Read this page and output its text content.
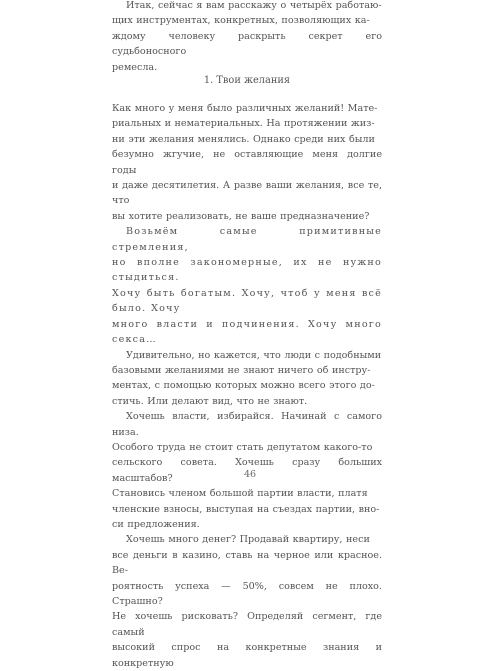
Итак, сейчас я вам расскажу о четырёх работаю-
щих инструментах, конкретных, позволяющих ка-
ждому человеку раскрыть секрет его судьбоносного
ремесла.

1. Твои желания

Как много у меня было различных желаний! Мате-
риальных и нематериальных. На протяжении жиз-
ни эти желания менялись. Однако среди них были
безумно жгучие, не оставляющие меня долгие годы
и даже десятилетия. А разве ваши желания, все те, что
вы хотите реализовать, не ваше предназначение?

Возьмём самые примитивные стремления,
но вполне закономерные, их не нужно стыдиться.
Хочу быть богатым. Хочу, чтоб у меня всё было. Хочу
много власти и подчинения. Хочу много секса…

Удивительно, но кажется, что люди с подобными
базовыми желаниями не знают ничего об инстру-
ментах, с помощью которых можно всего этого до-
стичь. Или делают вид, что не знают.

Хочешь власти, избирайся. Начинай с самого низа.
Особого труда не стоит стать депутатом какого-то
сельского совета. Хочешь сразу больших масштабов?
Становись членом большой партии власти, платя
членские взносы, выступая на съездах партии, вно-
си предложения.

Хочешь много денег? Продавай квартиру, неси
все деньги в казино, ставь на черное или красное. Ве-
роятность успеха — 50%, совсем не плохо. Страшно?
Не хочешь рисковать? Определяй сегмент, где самый
высокий спрос на конкретные знания и конкретную

46
